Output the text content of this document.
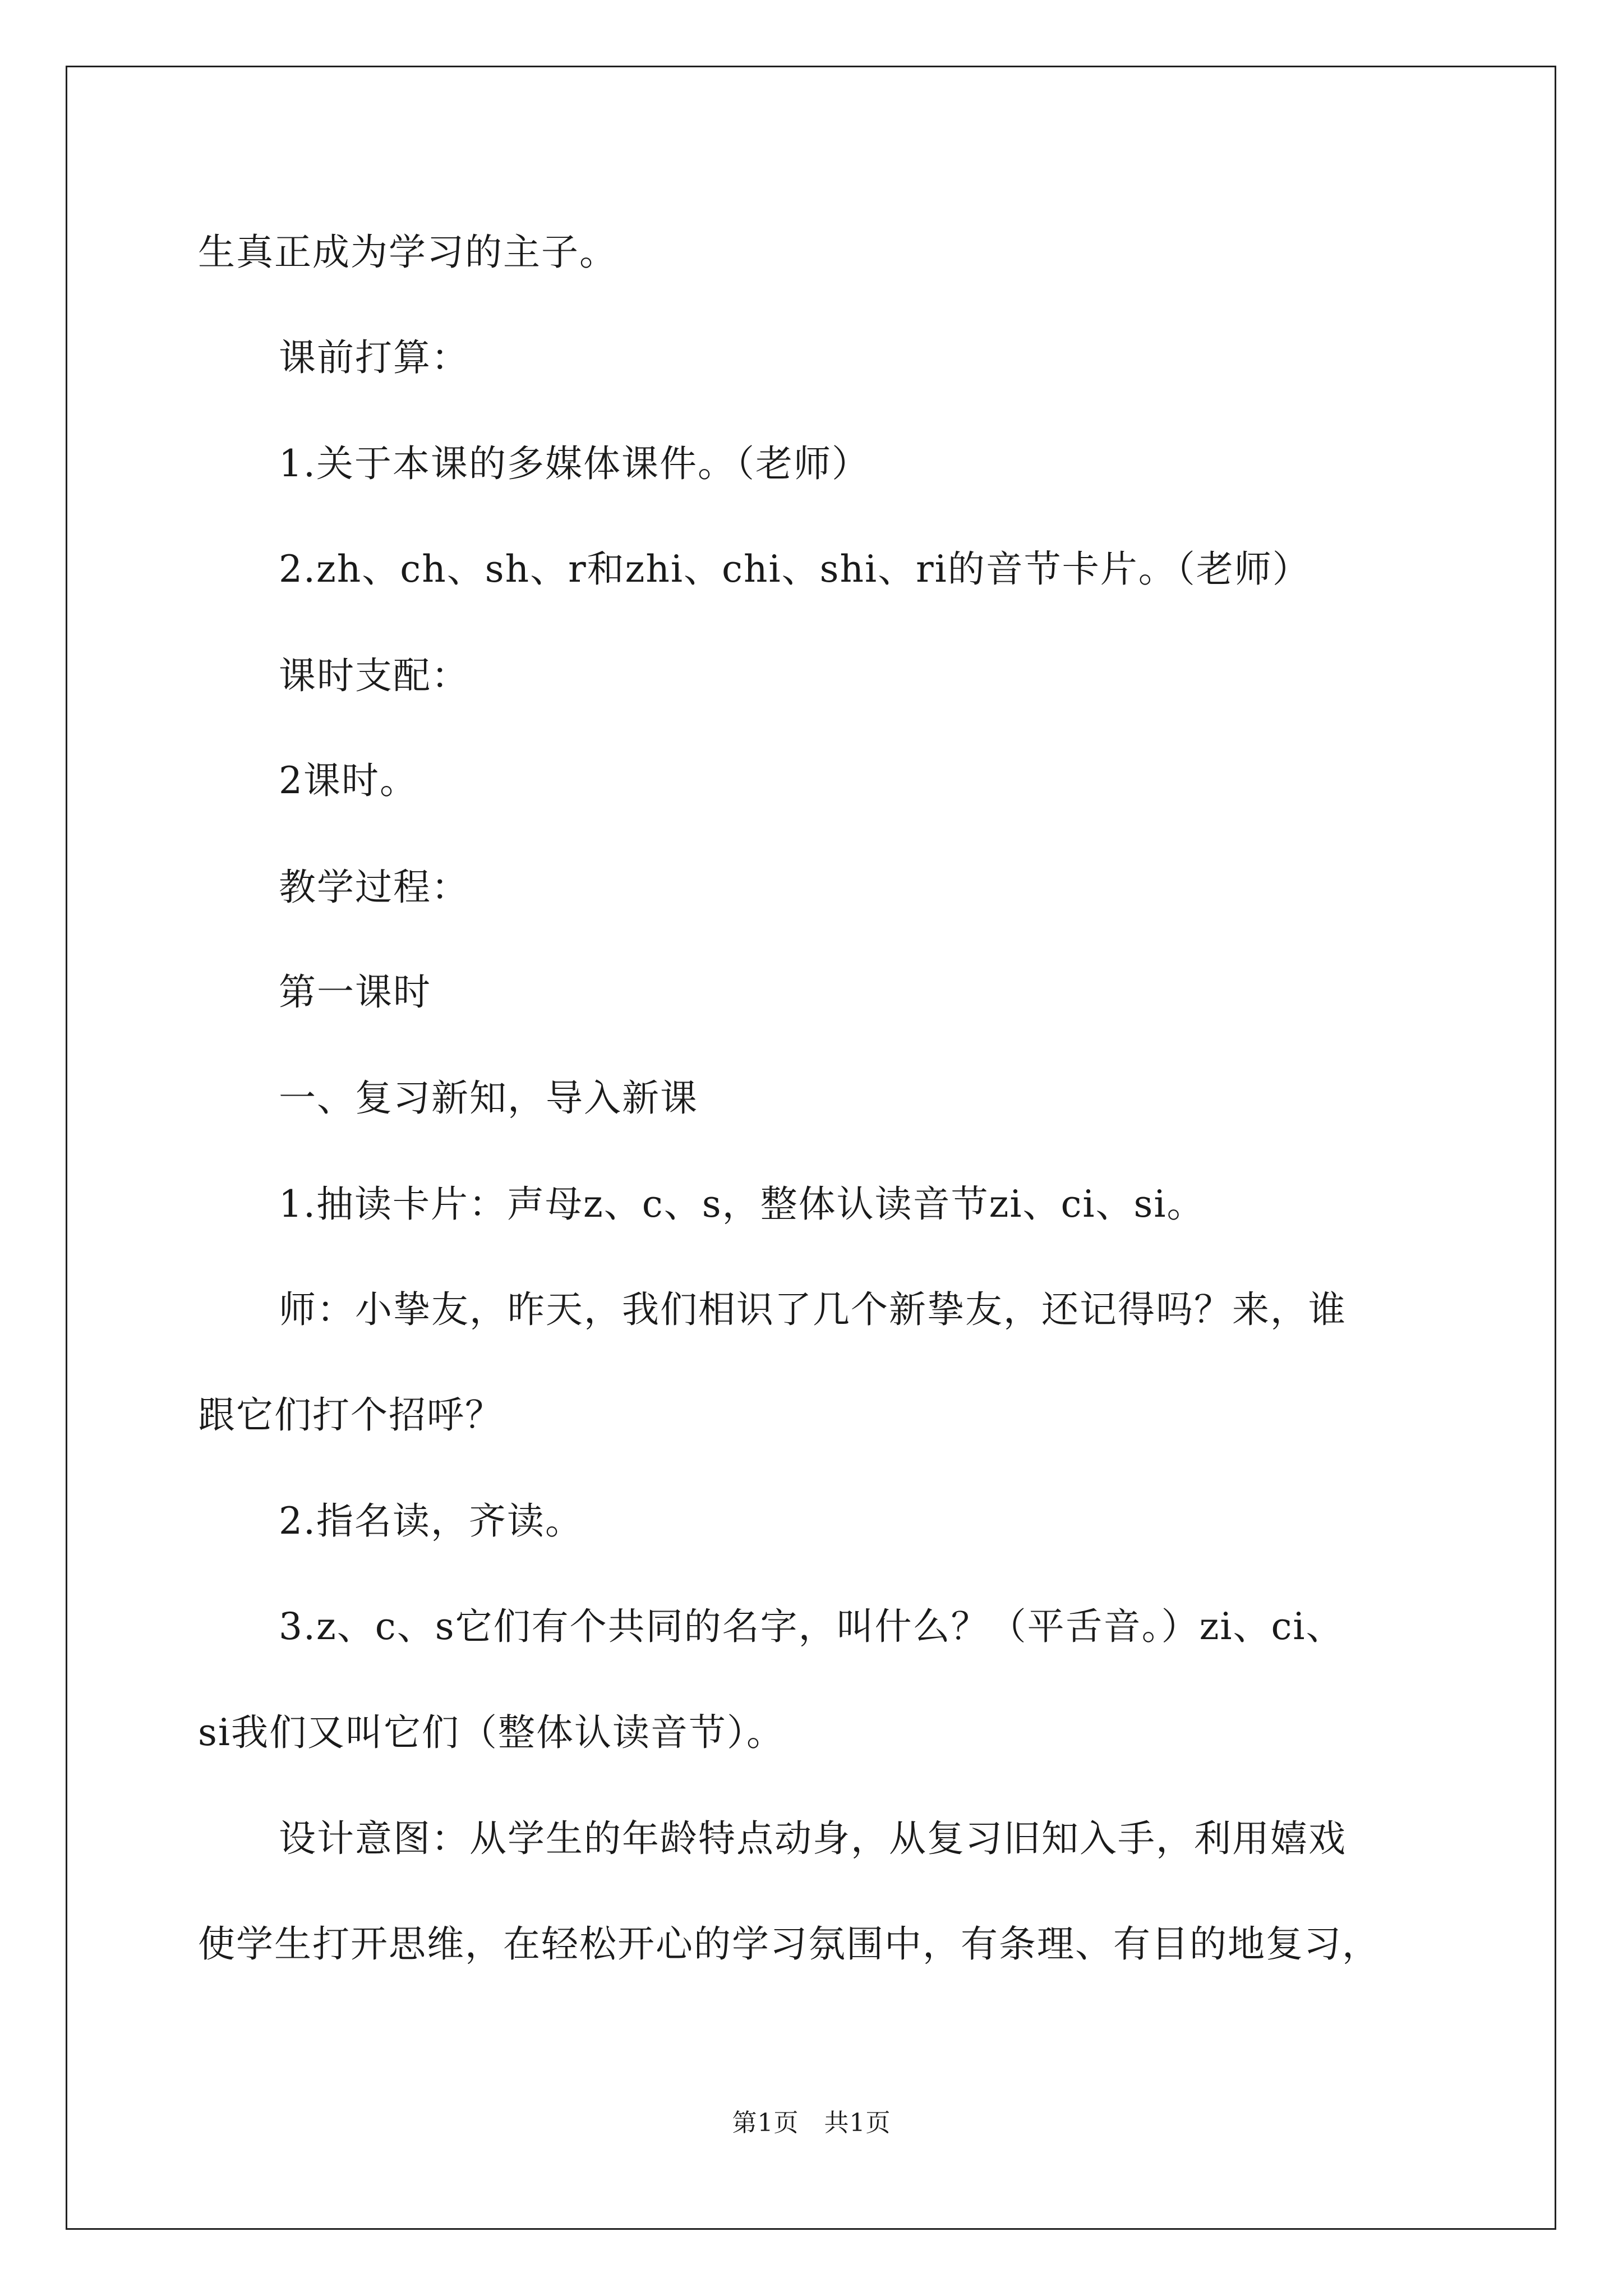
生真正成为学习的主子。
课前打算：
1.关于本课的多媒体课件。（老师）
2.zh、ch、sh、r和zhi、chi、shi、ri的音节卡片。（老师）
课时支配：
2课时。
教学过程：
第一课时
一、复习新知，导入新课
1.抽读卡片：声母z、c、s，整体认读音节zi、ci、si。
师：小挚友，昨天，我们相识了几个新挚友，还记得吗？来，谁
跟它们打个招呼？
2.指名读，齐读。
3.z、c、s它们有个共同的名字，叫什么？（平舌音。）zi、ci、
si我们又叫它们（整体认读音节）。
设计意图：从学生的年龄特点动身，从复习旧知入手，利用嬉戏
使学生打开思维，在轻松开心的学习氛围中，有条理、有目的地复习，
第1页　共1页
